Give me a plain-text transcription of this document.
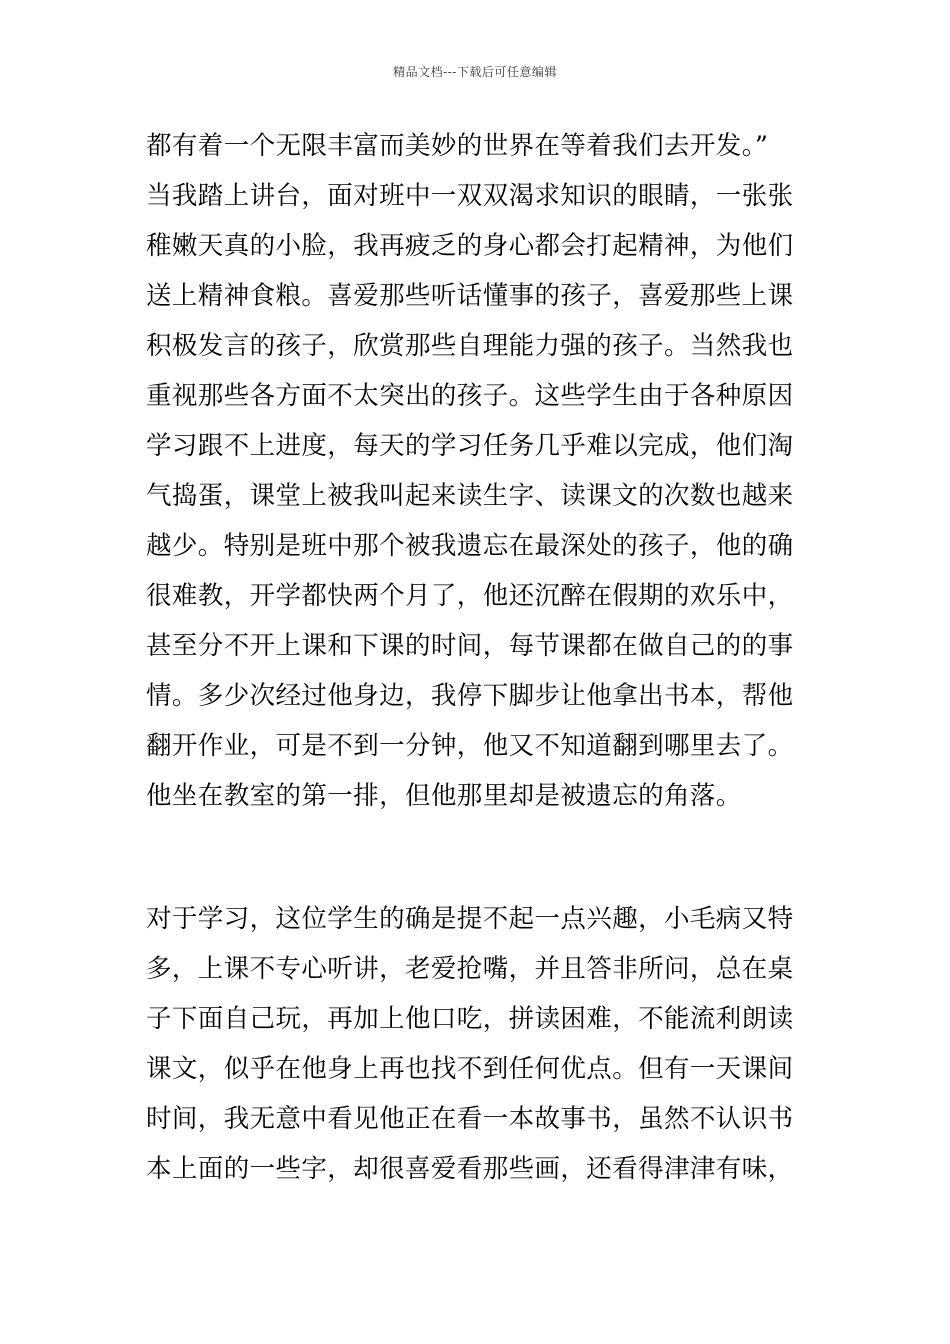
精品文档---下载后可任意编辑
都有着一个无限丰富而美妙的世界在等着我们去开发。”
当我踏上讲台，面对班中一双双渴求知识的眼睛，一张张
稚嫩天真的小脸，我再疲乏的身心都会打起精神，为他们
送上精神食粮。喜爱那些听话懂事的孩子，喜爱那些上课
积极发言的孩子，欣赏那些自理能力强的孩子。当然我也
重视那些各方面不太突出的孩子。这些学生由于各种原因
学习跟不上进度，每天的学习任务几乎难以完成，他们淘
气捣蛋，课堂上被我叫起来读生字、读课文的次数也越来
越少。特别是班中那个被我遗忘在最深处的孩子，他的确
很难教，开学都快两个月了，他还沉醉在假期的欢乐中，
甚至分不开上课和下课的时间，每节课都在做自己的的事
情。多少次经过他身边，我停下脚步让他拿出书本，帮他
翻开作业，可是不到一分钟，他又不知道翻到哪里去了。
他坐在教室的第一排，但他那里却是被遗忘的角落。
对于学习，这位学生的确是提不起一点兴趣，小毛病又特
多，上课不专心听讲，老爱抢嘴，并且答非所问，总在桌
子下面自己玩，再加上他口吃，拼读困难，不能流利朗读
课文，似乎在他身上再也找不到任何优点。但有一天课间
时间，我无意中看见他正在看一本故事书，虽然不认识书
本上面的一些字，却很喜爱看那些画，还看得津津有味，
